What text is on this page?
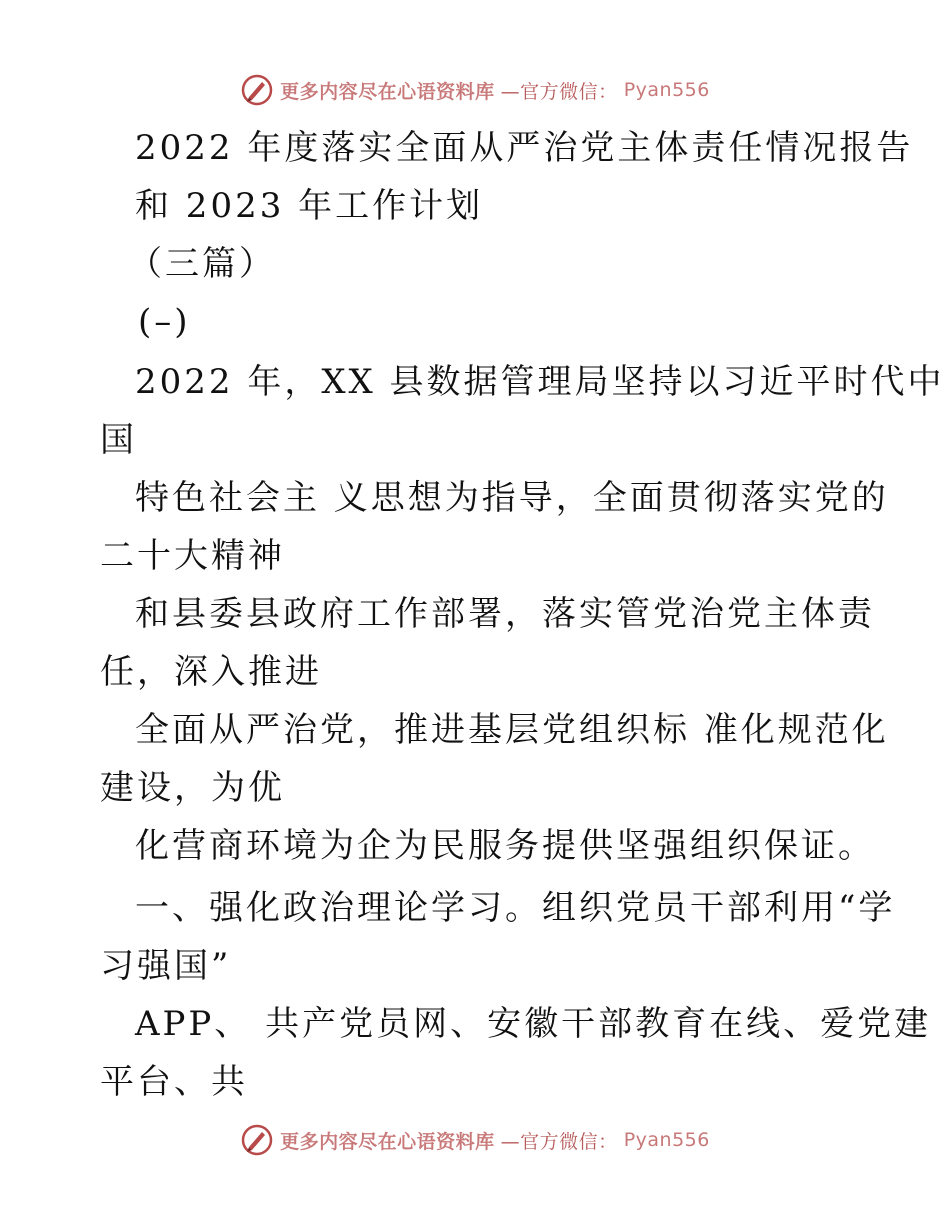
更多内容尽在心语资料库 —官方微信： Pyan556
2022 年度落实全面从严治党主体责任情况报告
和 2023 年工作计划
（三篇）
(–)
2022 年，XX 县数据管理局坚持以习近平时代中
国
特色社会主 义思想为指导，全面贯彻落实党的
二十大精神
和县委县政府工作部署，落实管党治党主体责
任，深入推进
全面从严治党，推进基层党组织标 准化规范化
建设，为优
化营商环境为企为民服务提供坚强组织保证。
一、强化政治理论学习。组织党员干部利用“学
习强国”
APP、 共产党员网、安徽干部教育在线、爱党建
平台、共
更多内容尽在心语资料库 —官方微信： Pyan556
